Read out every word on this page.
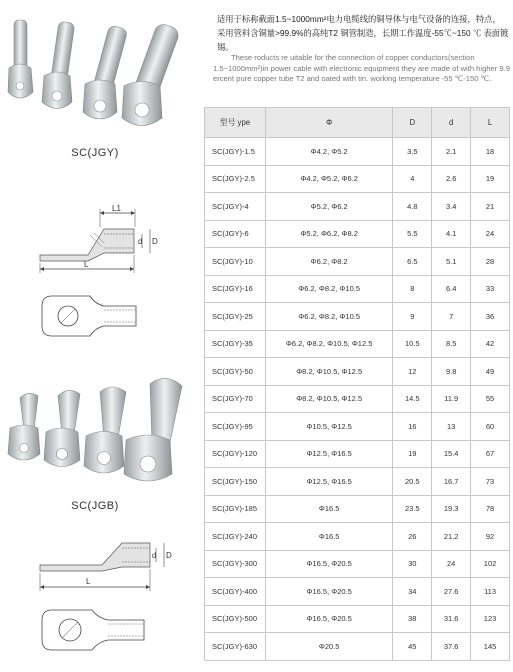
SC(JGY)
L1
d D
L
SC(JGB)
d D
L

适用于标称截面1.5~1000mm²电力电缆线的铜导体与电气设备的连接，特点，采用管料含铜量>99.9%的高纯T2 铜管制造，长期工作温度-55℃~150 ℃ 表面镀锡。

These roducts re uitable for the connection of copper conductors(section 1.5~1000mm²)in power cable with electronic equipment they are made of with higher 9.9 ercent pure copper tube T2 and oated with tin. working temperature -55 ℃-150 ℃.

型号 ype	Φ	D	d	L
SC(JGY)-1.5	Φ4.2, Φ5.2	3.5	2.1	18
SC(JGY)-2.5	Φ4.2, Φ5.2, Φ6.2	4	2.6	19
SC(JGY)-4	Φ5.2, Φ6.2	4.8	3.4	21
SC(JGY)-6	Φ5.2, Φ6.2, Φ8.2	5.5	4.1	24
SC(JGY)-10	Φ6.2, Φ8.2	6.5	5.1	28
SC(JGY)-16	Φ6.2, Φ8.2, Φ10.5	8	6.4	33
SC(JGY)-25	Φ6.2, Φ8.2, Φ10.5	9	7	36
SC(JGY)-35	Φ6.2, Φ8.2, Φ10.5, Φ12.5	10.5	8.5	42
SC(JGY)-50	Φ8.2, Φ10.5, Φ12.5	12	9.8	49
SC(JGY)-70	Φ8.2, Φ10.5, Φ12.5	14.5	11.9	55
SC(JGY)-95	Φ10.5, Φ12.5	16	13	60
SC(JGY)-120	Φ12.5, Φ16.5	19	15.4	67
SC(JGY)-150	Φ12.5, Φ16.5	20.5	16.7	73
SC(JGY)-185	Φ16.5	23.5	19.3	78
SC(JGY)-240	Φ16.5	26	21.2	92
SC(JGY)-300	Φ16.5, Φ20.5	30	24	102
SC(JGY)-400	Φ16.5, Φ20.5	34	27.6	113
SC(JGY)-500	Φ16.5, Φ20.5	38	31.6	123
SC(JGY)-630	Φ20.5	45	37.6	145
